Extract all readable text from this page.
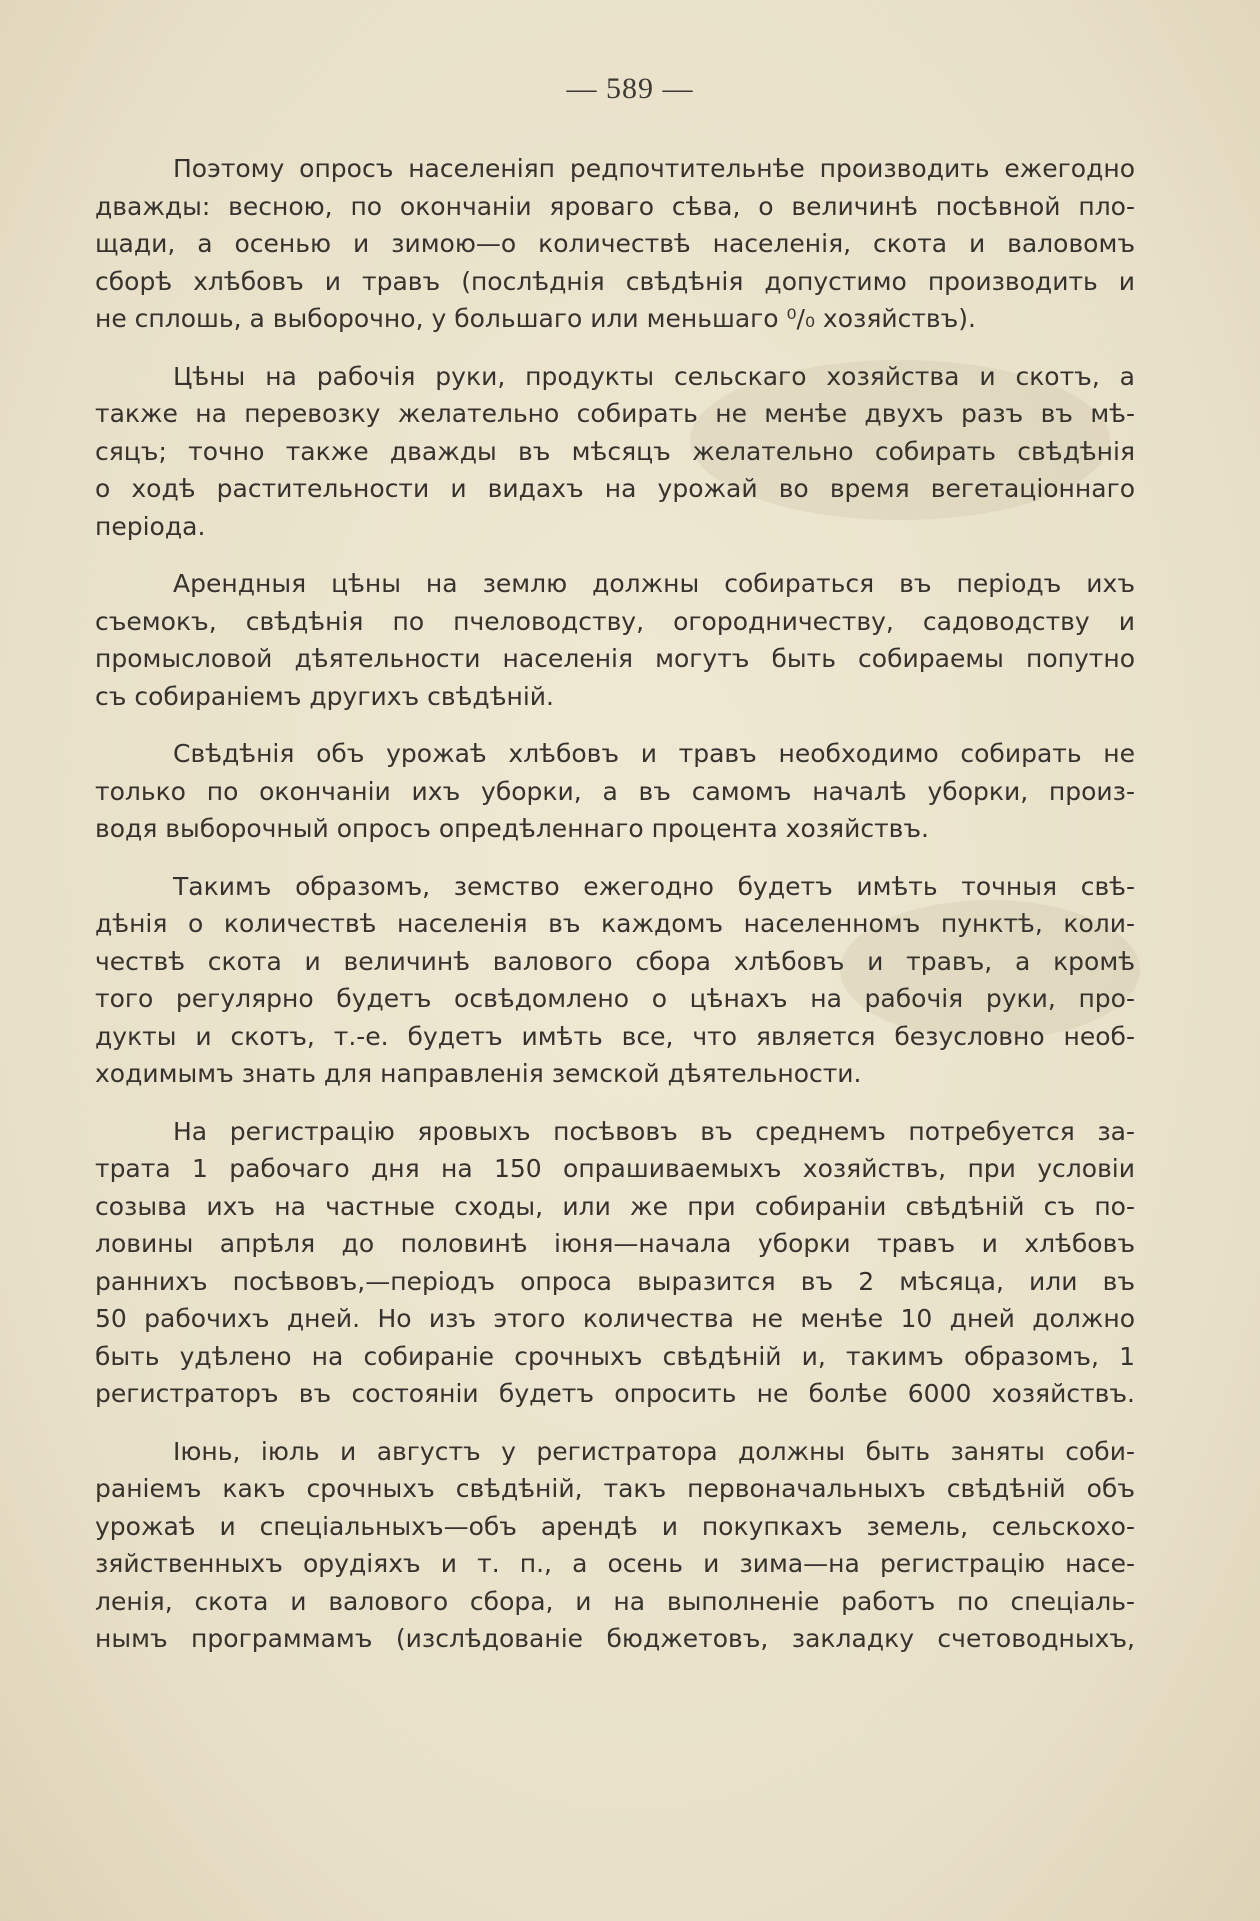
— 589 —
Поэтому опросъ населенiяп редпочтительнѣе производить ежегодно
дважды: весною, по окончанiи яроваго сѣва, о величинѣ посѣвной пло-
щади, а осенью и зимою—о количествѣ населенiя, скота и валовомъ
сборѣ хлѣбовъ и травъ (послѣднiя свѣдѣнiя допустимо производить и
не сплошь, а выборочно, у большаго или меньшаго ⁰/₀ хозяйствъ).
Цѣны на рабочiя руки, продукты сельскаго хозяйства и скотъ, а
также на перевозку желательно собирать не менѣе двухъ разъ въ мѣ-
сяцъ; точно также дважды въ мѣсяцъ желательно собирать свѣдѣнiя
о ходѣ растительности и видахъ на урожай во время вегетацiоннаго
перiода.
Арендныя цѣны на землю должны собираться въ перiодъ ихъ
съемокъ, свѣдѣнiя по пчеловодству, огородничеству, садоводству и
промысловой дѣятельности населенiя могутъ быть собираемы попутно
съ собиранiемъ другихъ свѣдѣнiй.
Свѣдѣнiя объ урожаѣ хлѣбовъ и травъ необходимо собирать не
только по окончанiи ихъ уборки, а въ самомъ началѣ уборки, произ-
водя выборочный опросъ опредѣленнаго процента хозяйствъ.
Такимъ образомъ, земство ежегодно будетъ имѣть точныя свѣ-
дѣнiя о количествѣ населенiя въ каждомъ населенномъ пунктѣ, коли-
чествѣ скота и величинѣ валового сбора хлѣбовъ и травъ, а кромѣ
того регулярно будетъ освѣдомлено о цѣнахъ на рабочiя руки, про-
дукты и скотъ, т.-е. будетъ имѣть все, что является безусловно необ-
ходимымъ знать для направленiя земской дѣятельности.
На регистрацiю яровыхъ посѣвовъ въ среднемъ потребуется за-
трата 1 рабочаго дня на 150 опрашиваемыхъ хозяйствъ, при условiи
созыва ихъ на частные сходы, или же при собиранiи свѣдѣнiй съ по-
ловины апрѣля до половинѣ iюня—начала уборки травъ и хлѣбовъ
раннихъ посѣвовъ,—перiодъ опроса выразится въ 2 мѣсяца, или въ
50 рабочихъ дней. Но изъ этого количества не менѣе 10 дней должно
быть удѣлено на собиранiе срочныхъ свѣдѣнiй и, такимъ образомъ, 1
регистраторъ въ состоянiи будетъ опросить не болѣе 6000 хозяйствъ.
Iюнь, iюль и августъ у регистратора должны быть заняты соби-
ранiемъ какъ срочныхъ свѣдѣнiй, такъ первоначальныхъ свѣдѣнiй объ
урожаѣ и спецiальныхъ—объ арендѣ и покупкахъ земель, сельскохо-
зяйственныхъ орудiяхъ и т. п., а осень и зима—на регистрацiю насе-
ленiя, скота и валового сбора, и на выполненiе работъ по спецiаль-
нымъ программамъ (изслѣдованiе бюджетовъ, закладку счетоводныхъ,
